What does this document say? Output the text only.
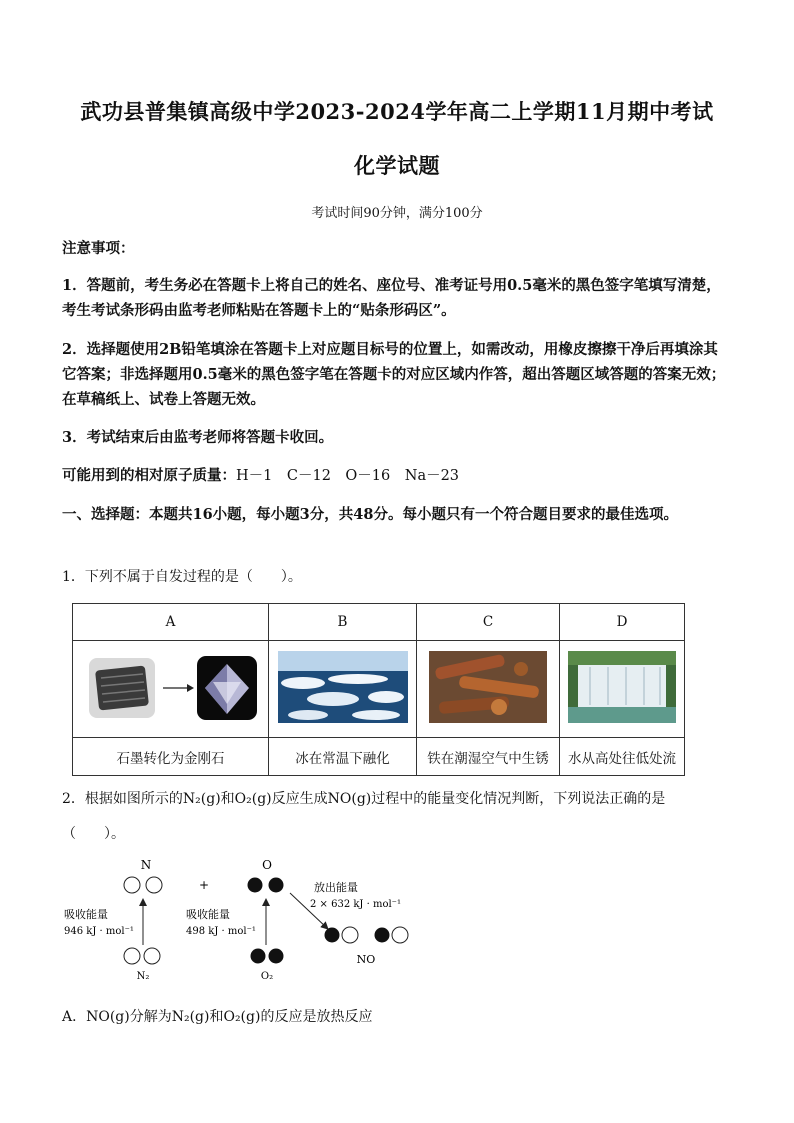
武功县普集镇高级中学2023-2024学年高二上学期11月期中考试
化学试题
考试时间90分钟，满分100分
注意事项：
1．答题前，考生务必在答题卡上将自己的姓名、座位号、准考证号用0.5毫米的黑色签字笔填写清楚，考生考试条形码由监考老师粘贴在答题卡上的“贴条形码区”。
2．选择题使用2B铅笔填涂在答题卡上对应题目标号的位置上，如需改动，用橡皮擦擦干净后再填涂其它答案；非选择题用0.5毫米的黑色签字笔在答题卡的对应区域内作答，超出答题区域答题的答案无效；在草稿纸上、试卷上答题无效。
3．考试结束后由监考老师将答题卡收回。
可能用到的相对原子质量：H－1　C－12　O－16　Na－23
一、选择题：本题共16小题，每小题3分，共48分。每小题只有一个符合题目要求的最佳选项。
1．下列不属于自发过程的是（　　）。
A	B	C	D

石墨转化为金刚石	冰在常温下融化	铁在潮湿空气中生锈	水从高处往低处流
2．根据如图所示的N₂(g)和O₂(g)反应生成NO(g)过程中的能量变化情况判断，下列说法正确的是
（　　）。
N
+
O
吸收能量
946 kJ · mol⁻¹
N₂
吸收能量
498 kJ · mol⁻¹
O₂
放出能量
2 × 632 kJ · mol⁻¹
NO
A．NO(g)分解为N₂(g)和O₂(g)的反应是放热反应
